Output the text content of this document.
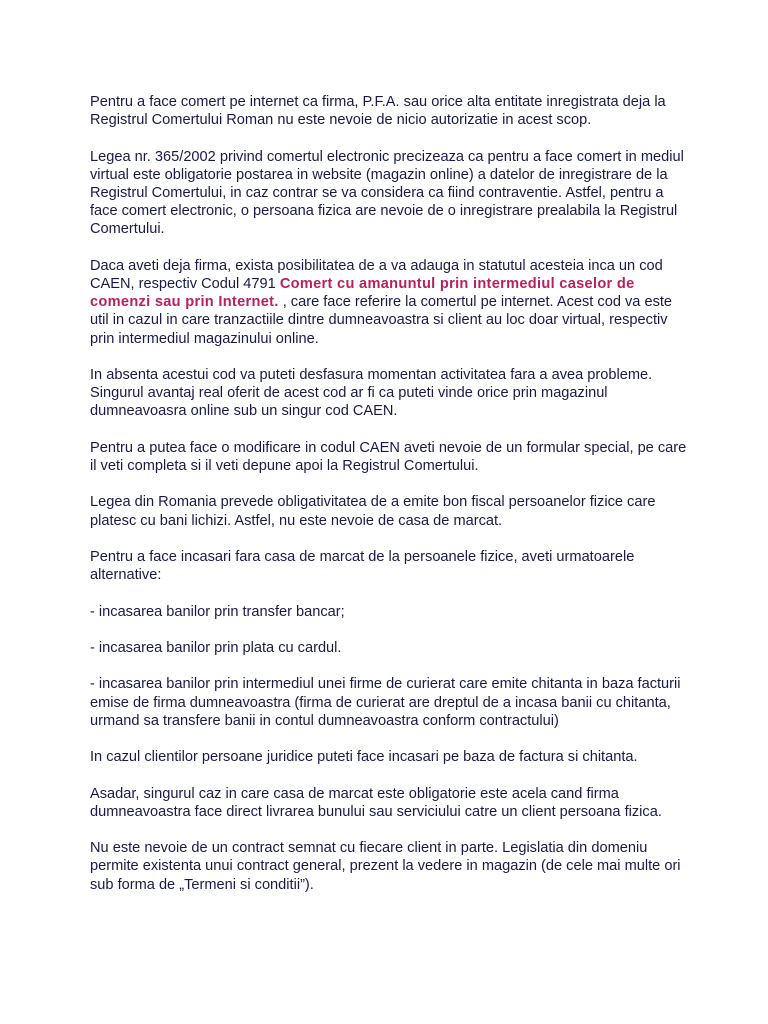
Pentru a face comert pe internet ca firma, P.F.A. sau orice alta entitate inregistrata deja la Registrul Comertului Roman nu este nevoie de nicio autorizatie in acest scop.

Legea nr. 365/2002 privind comertul electronic precizeaza ca pentru a face comert in mediul virtual este obligatorie postarea in website (magazin online) a datelor de inregistrare de la Registrul Comertului, in caz contrar se va considera ca fiind contraventie. Astfel, pentru a face comert electronic, o persoana fizica are nevoie de o inregistrare prealabila la Registrul Comertului.

Daca aveti deja firma, exista posibilitatea de a va adauga in statutul acesteia inca un cod CAEN, respectiv Codul 4791 Comert cu amanuntul prin intermediul caselor de comenzi sau prin Internet. , care face referire la comertul pe internet. Acest cod va este util in cazul in care tranzactiile dintre dumneavoastra si client au loc doar virtual, respectiv prin intermediul magazinului online.

In absenta acestui cod va puteti desfasura momentan activitatea fara a avea probleme. Singurul avantaj real oferit de acest cod ar fi ca puteti vinde orice prin magazinul dumneavoasra online sub un singur cod CAEN.

Pentru a putea face o modificare in codul CAEN aveti nevoie de un formular special, pe care il veti completa si il veti depune apoi la Registrul Comertului.

Legea din Romania prevede obligativitatea de a emite bon fiscal persoanelor fizice care platesc cu bani lichizi. Astfel, nu este nevoie de casa de marcat.

Pentru a face incasari fara casa de marcat de la persoanele fizice, aveti urmatoarele alternative:

- incasarea banilor prin transfer bancar;

- incasarea banilor prin plata cu cardul.

- incasarea banilor prin intermediul unei firme de curierat care emite chitanta in baza facturii emise de firma dumneavoastra (firma de curierat are dreptul de a incasa banii cu chitanta, urmand sa transfere banii in contul dumneavoastra conform contractului)

In cazul clientilor persoane juridice puteti face incasari pe baza de factura si chitanta.

Asadar, singurul caz in care casa de marcat este obligatorie este acela cand firma dumneavoastra face direct livrarea bunului sau serviciului catre un client persoana fizica.

Nu este nevoie de un contract semnat cu fiecare client in parte. Legislatia din domeniu permite existenta unui contract general, prezent la vedere in magazin (de cele mai multe ori sub forma de „Termeni si conditii”).
